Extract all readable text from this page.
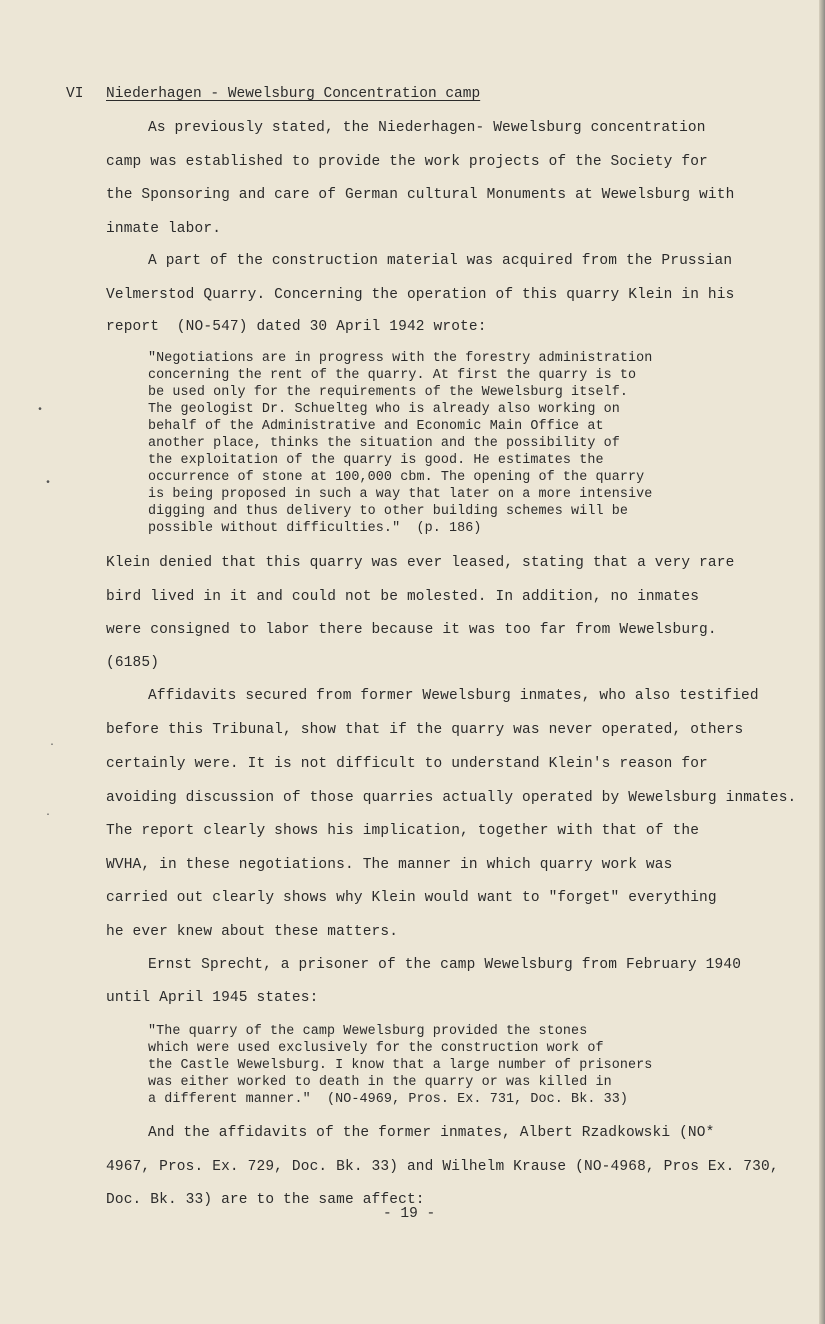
VI Niederhagen - Wewelsburg Concentration camp
As previously stated, the Niederhagen- Wewelsburg concentration
camp was established to provide the work projects of the Society for
the Sponsoring and care of German cultural Monuments at Wewelsburg with
inmate labor.
A part of the construction material was acquired from the Prussian
Velmerstod Quarry. Concerning the operation of this quarry Klein in his
report  (NO-547) dated 30 April 1942 wrote:
"Negotiations are in progress with the forestry administration
concerning the rent of the quarry. At first the quarry is to
be used only for the requirements of the Wewelsburg itself.
The geologist Dr. Schuelteg who is already also working on
behalf of the Administrative and Economic Main Office at
another place, thinks the situation and the possibility of
the exploitation of the quarry is good. He estimates the
occurrence of stone at 100,000 cbm. The opening of the quarry
is being proposed in such a way that later on a more intensive
digging and thus delivery to other building schemes will be
possible without difficulties."  (p. 186)
Klein denied that this quarry was ever leased, stating that a very rare
bird lived in it and could not be molested. In addition, no inmates
were consigned to labor there because it was too far from Wewelsburg.
(6185)
Affidavits secured from former Wewelsburg inmates, who also testified
before this Tribunal, show that if the quarry was never operated, others
certainly were. It is not difficult to understand Klein's reason for
avoiding discussion of those quarries actually operated by Wewelsburg inmates.
The report clearly shows his implication, together with that of the
WVHA, in these negotiations. The manner in which quarry work was
carried out clearly shows why Klein would want to "forget" everything
he ever knew about these matters.
Ernst Sprecht, a prisoner of the camp Wewelsburg from February 1940
until April 1945 states:
"The quarry of the camp Wewelsburg provided the stones
which were used exclusively for the construction work of
the Castle Wewelsburg. I know that a large number of prisoners
was either worked to death in the quarry or was killed in
a different manner."  (NO-4969, Pros. Ex. 731, Doc. Bk. 33)
And the affidavits of the former inmates, Albert Rzadkowski (NO*
4967, Pros. Ex. 729, Doc. Bk. 33) and Wilhelm Krause (NO-4968, Pros Ex. 730,
Doc. Bk. 33) are to the same affect:
- 19 -
•
•
·
·
